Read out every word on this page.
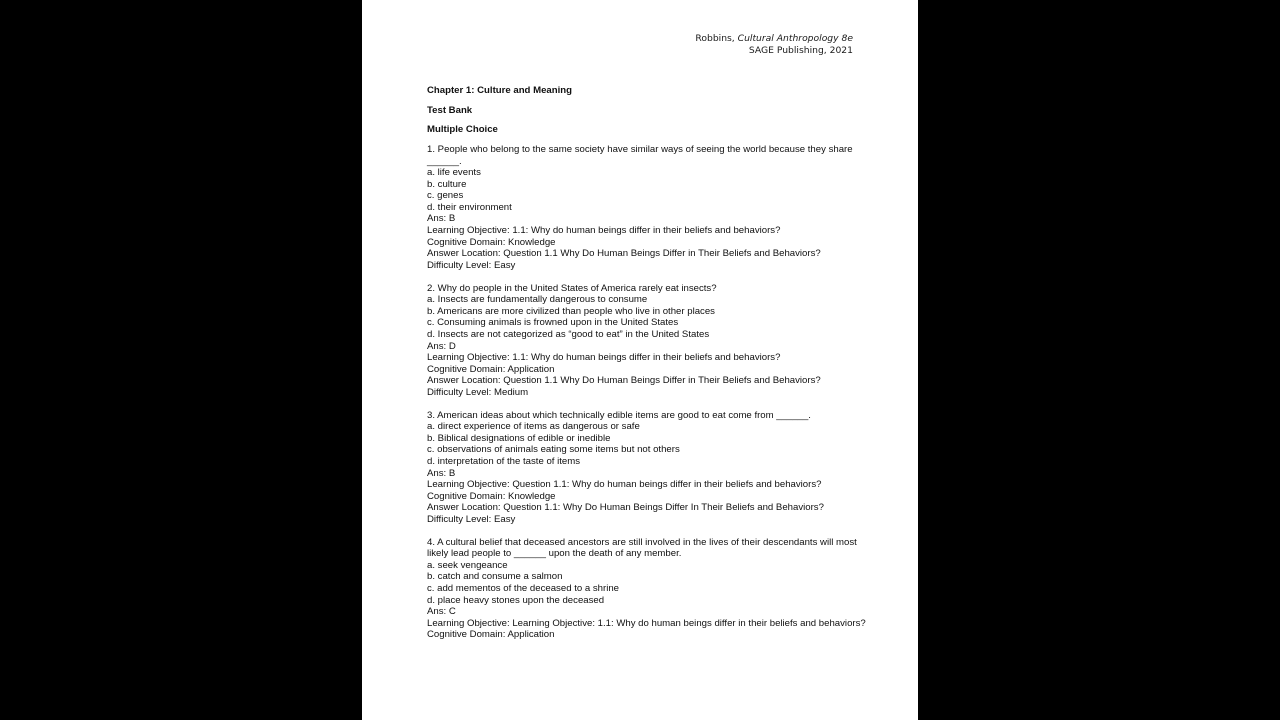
Robbins, Cultural Anthropology 8e
SAGE Publishing, 2021
Chapter 1: Culture and Meaning
Test Bank
Multiple Choice
1. People who belong to the same society have similar ways of seeing the world because they share ______.
a. life events
b. culture
c. genes
d. their environment
Ans: B
Learning Objective: 1.1: Why do human beings differ in their beliefs and behaviors?
Cognitive Domain: Knowledge
Answer Location: Question 1.1 Why Do Human Beings Differ in Their Beliefs and Behaviors?
Difficulty Level: Easy
2. Why do people in the United States of America rarely eat insects?
a. Insects are fundamentally dangerous to consume
b. Americans are more civilized than people who live in other places
c. Consuming animals is frowned upon in the United States
d. Insects are not categorized as “good to eat” in the United States
Ans: D
Learning Objective: 1.1: Why do human beings differ in their beliefs and behaviors?
Cognitive Domain: Application
Answer Location: Question 1.1 Why Do Human Beings Differ in Their Beliefs and Behaviors?
Difficulty Level: Medium
3. American ideas about which technically edible items are good to eat come from ______.
a. direct experience of items as dangerous or safe
b. Biblical designations of edible or inedible
c. observations of animals eating some items but not others
d. interpretation of the taste of items
Ans: B
Learning Objective: Question 1.1: Why do human beings differ in their beliefs and behaviors?
Cognitive Domain: Knowledge
Answer Location: Question 1.1: Why Do Human Beings Differ In Their Beliefs and Behaviors?
Difficulty Level: Easy
4. A cultural belief that deceased ancestors are still involved in the lives of their descendants will most likely lead people to ______ upon the death of any member.
a. seek vengeance
b. catch and consume a salmon
c. add mementos of the deceased to a shrine
d. place heavy stones upon the deceased
Ans: C
Learning Objective: Learning Objective: 1.1: Why do human beings differ in their beliefs and behaviors?
Cognitive Domain: Application
